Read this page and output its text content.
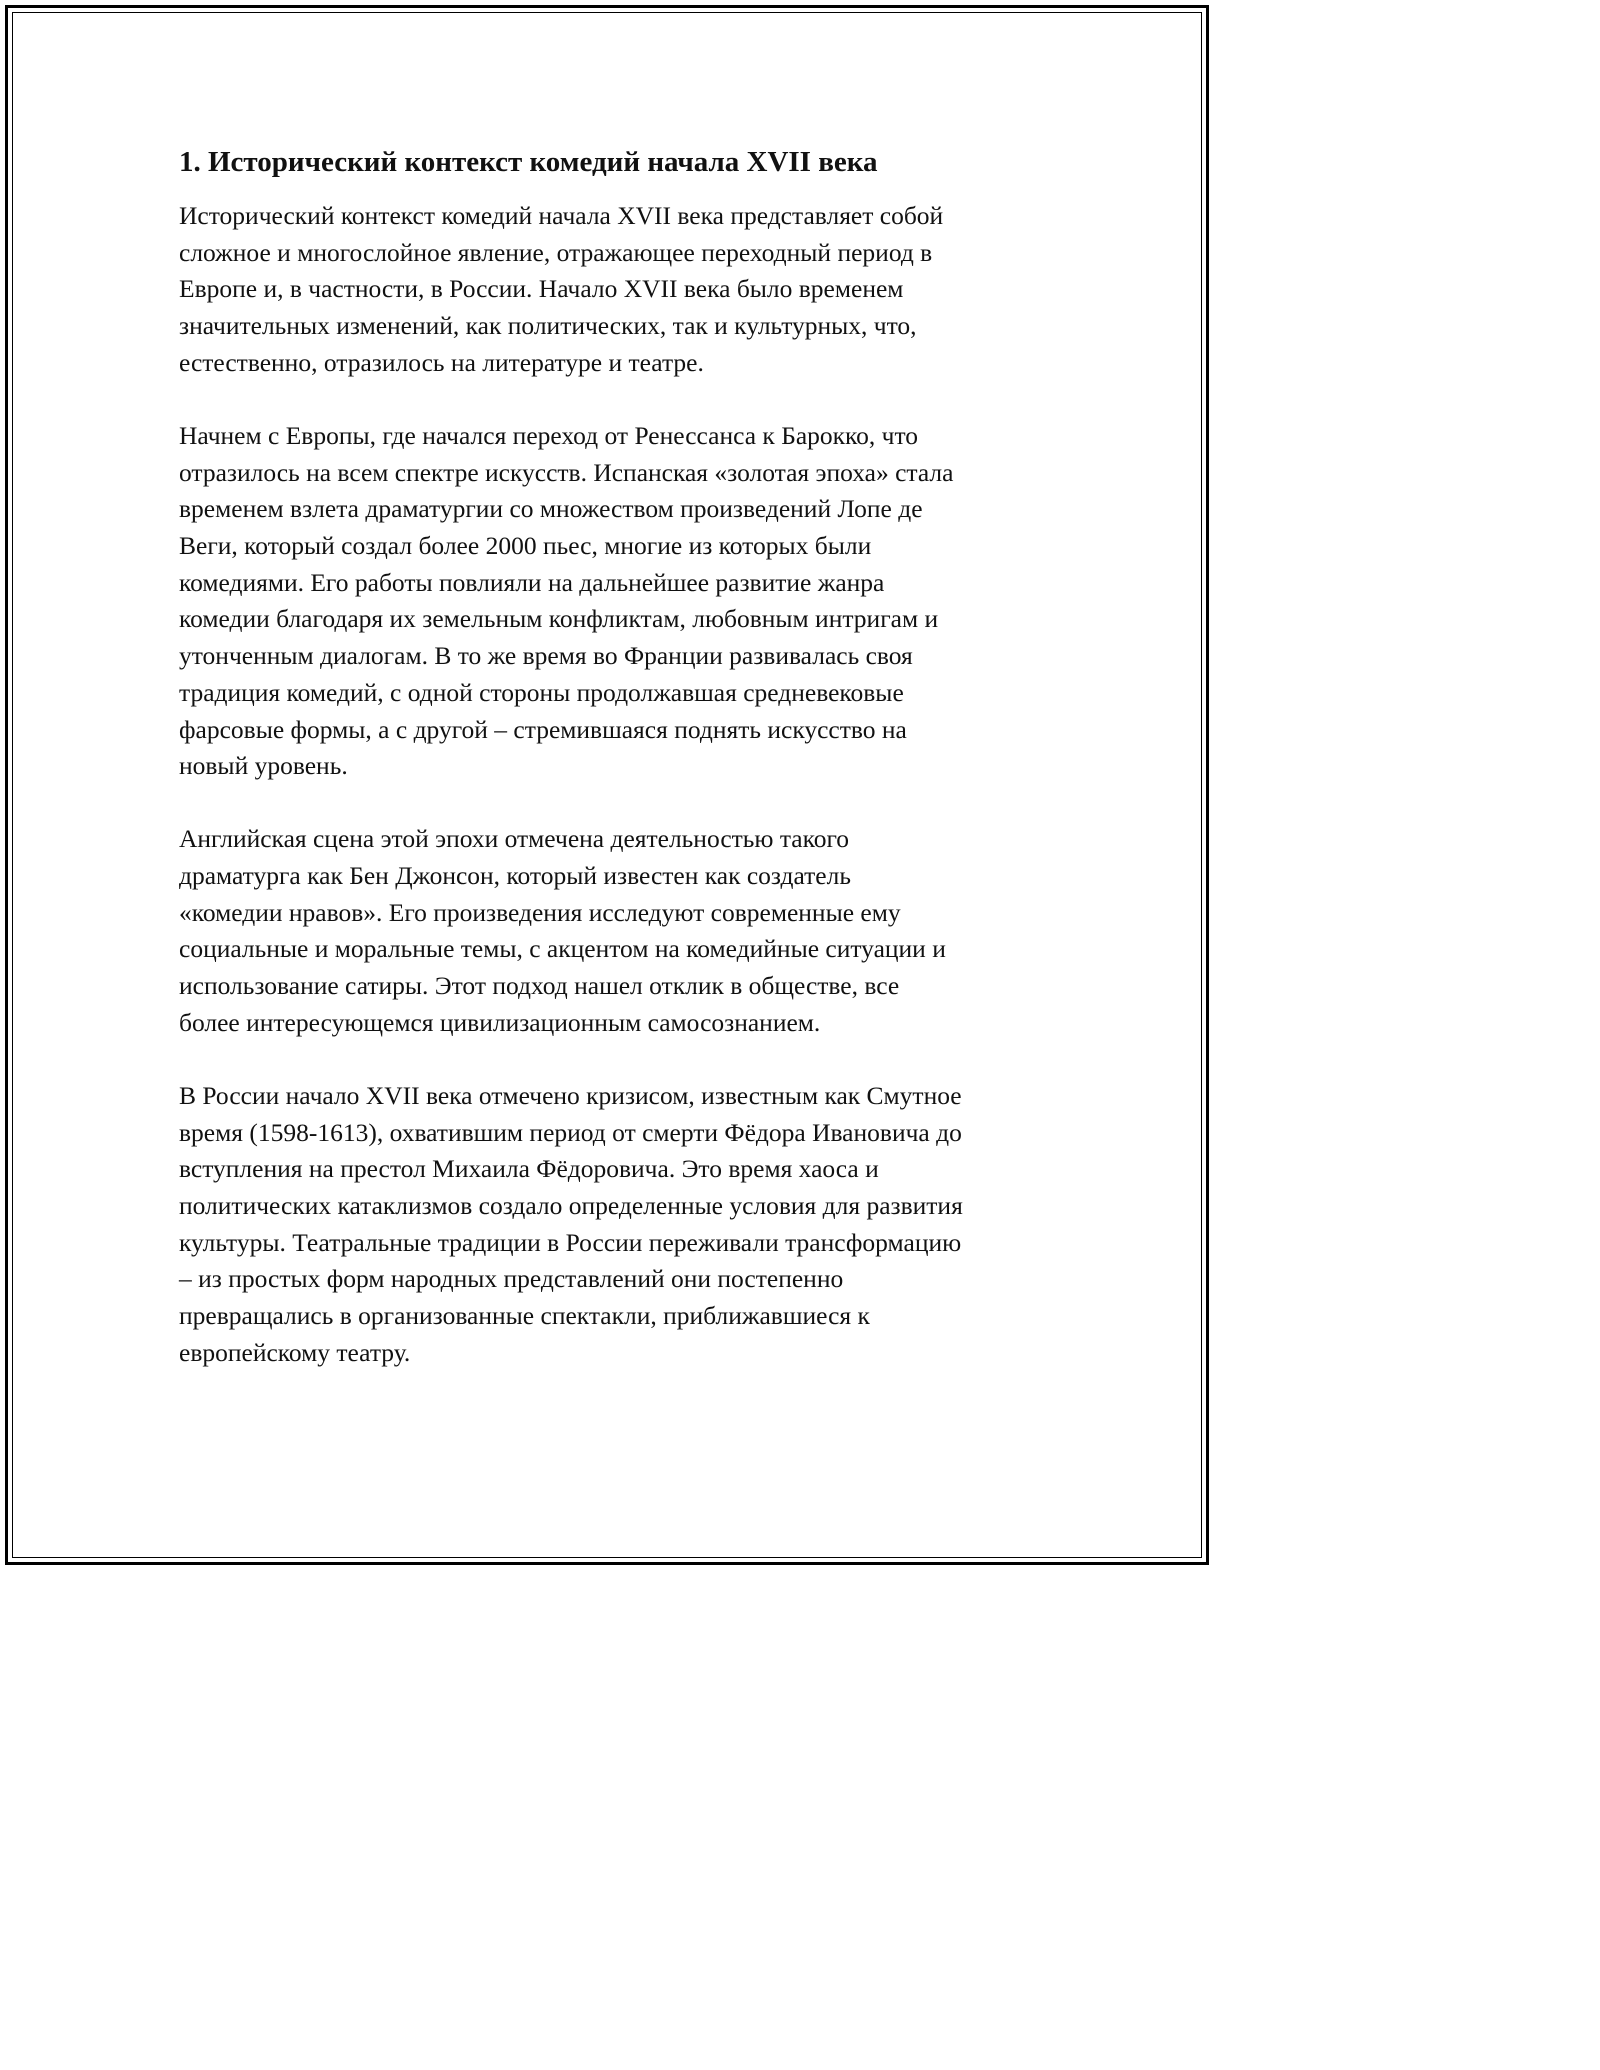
1. Исторический контекст комедий начала XVII века
Исторический контекст комедий начала XVII века представляет собой
сложное и многослойное явление, отражающее переходный период в
Европе и, в частности, в России. Начало XVII века было временем
значительных изменений, как политических, так и культурных, что,
естественно, отразилось на литературе и театре.
Начнем с Европы, где начался переход от Ренессанса к Барокко, что
отразилось на всем спектре искусств. Испанская «золотая эпоха» стала
временем взлета драматургии со множеством произведений Лопе де
Веги, который создал более 2000 пьес, многие из которых были
комедиями. Его работы повлияли на дальнейшее развитие жанра
комедии благодаря их земельным конфликтам, любовным интригам и
утонченным диалогам. В то же время во Франции развивалась своя
традиция комедий, с одной стороны продолжавшая средневековые
фарсовые формы, а с другой – стремившаяся поднять искусство на
новый уровень.
Английская сцена этой эпохи отмечена деятельностью такого
драматурга как Бен Джонсон, который известен как создатель
«комедии нравов». Его произведения исследуют современные ему
социальные и моральные темы, с акцентом на комедийные ситуации и
использование сатиры. Этот подход нашел отклик в обществе, все
более интересующемся цивилизационным самосознанием.
В России начало XVII века отмечено кризисом, известным как Смутное
время (1598-1613), охватившим период от смерти Фёдора Ивановича до
вступления на престол Михаила Фёдоровича. Это время хаоса и
политических катаклизмов создало определенные условия для развития
культуры. Театральные традиции в России переживали трансформацию
– из простых форм народных представлений они постепенно
превращались в организованные спектакли, приближавшиеся к
европейскому театру.
